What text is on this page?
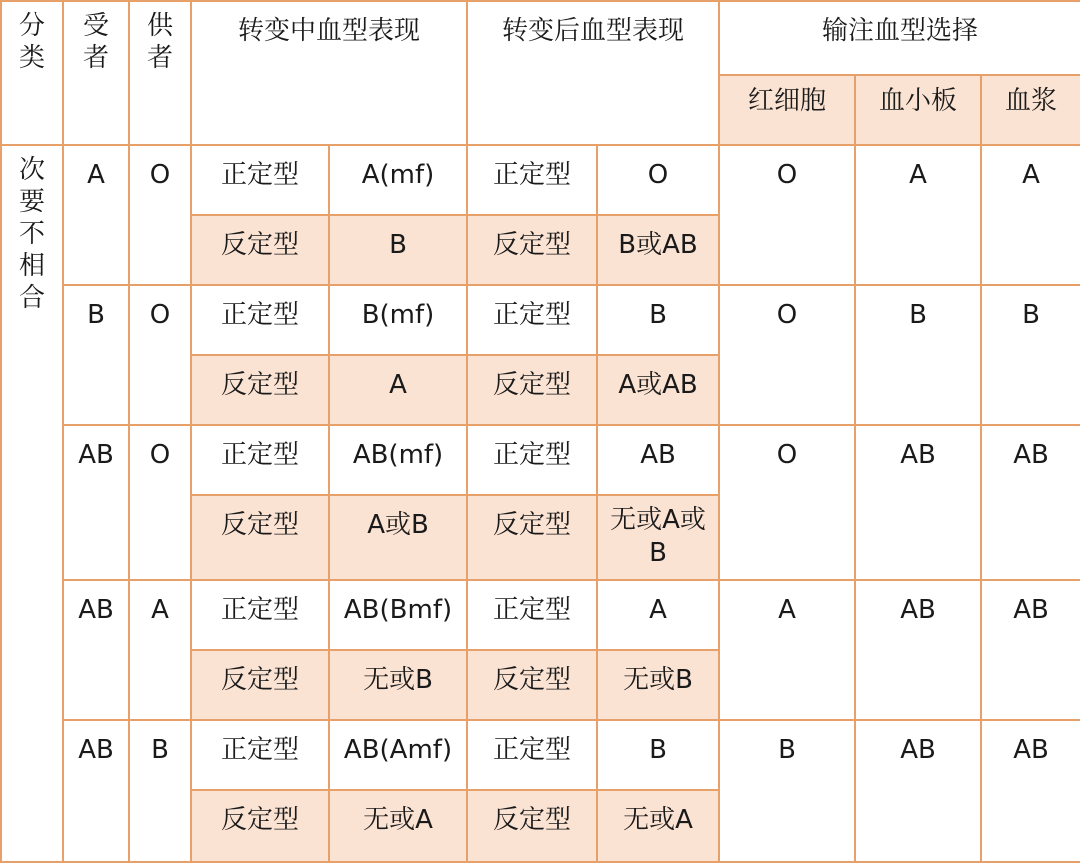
分类	受者	供者	转变中血型表现		转变后血型表现		输注血型选择		
							红细胞	血小板	血浆

次要不相合	A	O	正定型	A(mf)	正定型	O	O	A	A
			反定型	B	反定型	B或AB			
	B	O	正定型	B(mf)	正定型	B	O	B	B
			反定型	A	反定型	A或AB			
	AB	O	正定型	AB(mf)	正定型	AB	O	AB	AB
			反定型	A或B	反定型	无或A或B			
	AB	A	正定型	AB(Bmf)	正定型	A	A	AB	AB
			反定型	无或B	反定型	无或B			
	AB	B	正定型	AB(Amf)	正定型	B	B	AB	AB
			反定型	无或A	反定型	无或A			
